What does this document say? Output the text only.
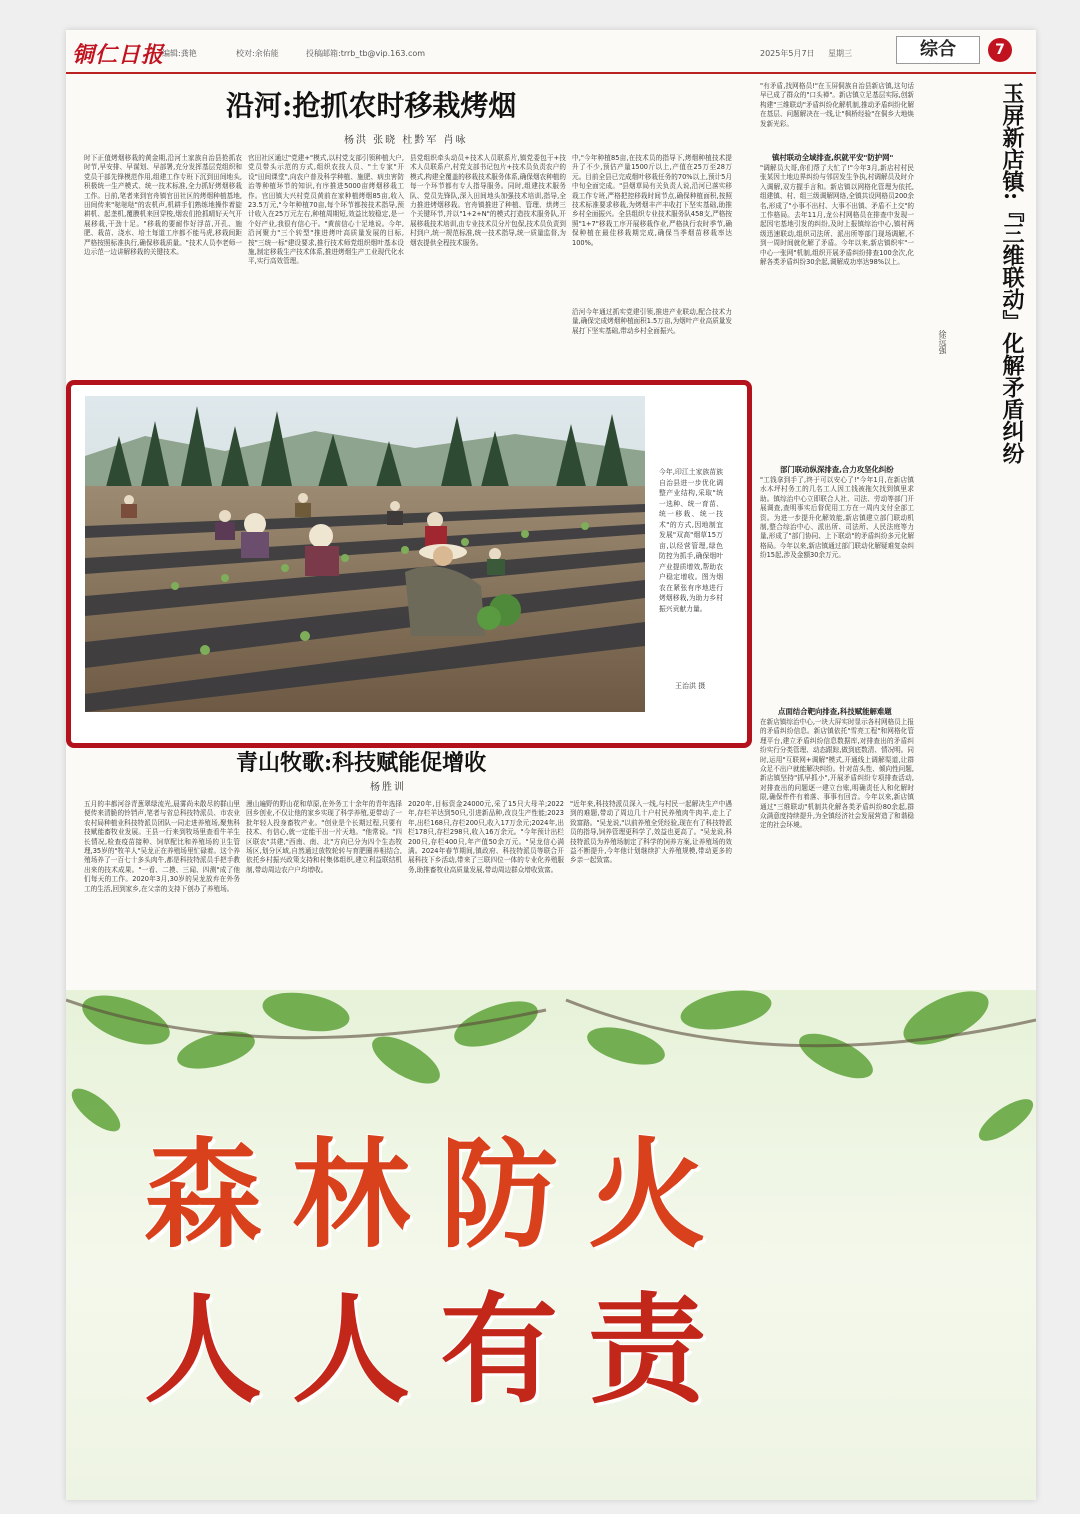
铜仁日报
编辑:龚艳	校对:余佑能	投稿邮箱:trrb_tb@vip.163.com	2025年5月7日 星期三	综合	7
沿河:抢抓农时移栽烤烟
杨洪 张晓 杜黔军 肖咏
时下正值烤烟移栽的黄金期,沿河土家族自治县抢抓农时节,早安排、早谋划、早部署,充分发挥基层党组织和党员干部先锋模范作用,组建工作专班下沉到田间地头,积极统一生产模式、统一技术标准,全力抓好烤烟移栽工作。日前,笔者来到官舟镇官田社区的烤烟种植基地,田间传来"哒哒哒"的农机声,机耕手们熟练地操作着旋耕机、起垄机,覆膜机来回穿梭,烟农们抢抓晴好天气开展移栽,干劲十足。"移栽的要耐作好浮苗,开孔、施肥、栽苗、浇水、培土每道工序都不能马虎,移栽间距严格按照标准执行,确保移栽质量。"技术人员李老师一边示范一边讲解移栽的关键技术。
官田社区通过"党建+"模式,以村党支部引领种植大户,党员带头示范的方式,组织农技人员、"土专家"开设"田间课堂",向农户普及科学种植、施肥、病虫害防治等种植环节的知识,有序推进5000亩烤烟移栽工作。官田镇大兴村党员黄前在家种植烤烟85亩,收入23.5万元,"今年种植70亩,每个环节都按技术指导,预计收入在25万元左右,种植周期短,效益比较稳定,是一个好产业,我很有信心干。"黄前信心十足地说。今年,沿河聚力"三个转型"推进烤叶高质量发展的目标,按"三统一标"建设要求,推行技术师党组织烟叶基本设施,制定移栽生产技术体系,推进烤烟生产工业现代化水平,实行高效管理。
县党组织牵头动员+技术人员联系片,镇党委包干+技术人员联系户,村党支部书记包片+技术员负责农户的模式,构建全覆盖的移栽技术服务体系,确保烟农种植的每一个环节都有专人指导服务。同时,组建技术服务队、党员先锋队,深入田间地头加强技术培训,指导,全力推进烤烟移栽。官舟镇推进了种植、管理、烘烤三个关键环节,并以"1+2+N"的模式打造技术服务队,开展移栽技术培训,由专业技术员分片包保,技术员负责到村到户,统一规范标准,统一技术指导,统一质量监督,为烟农提供全程技术服务。
中,"今年种植85亩,在技术员的指导下,烤烟种植技术提升了不少,预估产量1500斤以上,产值在25万至28万元。目前全县已完成烟叶移栽任务的70%以上,预计5月中旬全面完成。"县烟草局有关负责人说,沿河已落实移栽工作专班,严格把控移栽时间节点,确保种植面积,按照技术标准要求移栽,为烤烟丰产丰收打下坚实基础,助推乡村全面振兴。全县组织专业技术服务队458支,严格按照"1+7"移栽工序开展移栽作业,严格执行农时季节,确保种植在最佳移栽期完成,确保当季烟苗移栽率达100%。
沿河今年通过抓实党建引领,推进产业联动,配合技术力量,确保完成烤烟种植面积1.5万亩,为烟叶产业高质量发展打下坚实基础,带动乡村全面振兴。
"有矛盾,找网格员!"在玉屏侗族自治县新店镇,这句话早已成了群众的"口头禅"。新店镇立足基层实际,创新构建"三维联动"矛盾纠纷化解机制,推动矛盾纠纷化解在基层、问题解决在一线,让"枫桥经验"在侗乡大地焕发新光彩。
镇村联动全域排查,织就平安"防护网"
"调解员大哥,你们帮了大忙了!"今年3月,新店村村民张某因土地边界纠纷与邻居发生争执,村调解员及时介入调解,双方握手言和。新店镇以网格化管理为依托,组建镇、村、组三级调解网络,全镇共设网格员200余名,形成了"小事不出村、大事不出镇、矛盾不上交"的工作格局。去年11月,龙公村网格员在排查中发现一起因宅基地引发的纠纷,及时上报镇综治中心,镇村两级迅速联动,组织司法所、派出所等部门现场调解,不到一周时间就化解了矛盾。今年以来,新店镇织牢"一中心一张网"机制,组织开展矛盾纠纷排查100余次,化解各类矛盾纠纷30余起,调解成功率达98%以上。
部门联动纵深排查,合力攻坚化纠纷
"工钱拿到手了,终于可以安心了!"今年1月,在新店镇水木坪村务工的几名工人因工钱被拖欠找到镇里求助。镇综治中心立即联合人社、司法、劳动等部门开展调查,查明事实后督促用工方在一周内支付全部工资。为进一步提升化解效能,新店镇建立部门联动机制,整合综治中心、派出所、司法所、人民法庭等力量,形成了"部门协同、上下联动"的矛盾纠纷多元化解格局。今年以来,新店镇通过部门联动化解疑难复杂纠纷15起,涉及金额30余万元。
点面结合靶向排查,科技赋能解难题
在新店镇综治中心,一块大屏实时显示各村网格员上报的矛盾纠纷信息。新店镇依托"雪亮工程"和网格化管理平台,建立矛盾纠纷信息数据库,对排查出的矛盾纠纷实行分类管理、动态跟踪,做到底数清、情况明。同时,运用"互联网+调解"模式,开通线上调解渠道,让群众足不出户就能解决纠纷。针对苗头性、倾向性问题,新店镇坚持"抓早抓小",开展矛盾纠纷专项排查活动,对排查出的问题逐一建立台账,明确责任人和化解时限,确保件件有着落、事事有回音。今年以来,新店镇通过"三维联动"机制共化解各类矛盾纠纷80余起,群众满意度持续提升,为全镇经济社会发展营造了和谐稳定的社会环境。
玉屏新店镇:『三维联动』化解矛盾纠纷
徐远强
今年,印江土家族苗族自治县进一步优化调整产业结构,采取"统一选种、统一育苗、统一移栽、统一技术"的方式,因地制宜发展"双高"烟草15万亩,以经营管理,绿色防控为抓手,确保烟叶产业提质增效,帮助农户稳定增收。图为烟农在紧张有序地进行烤烟移栽,为助力乡村振兴贡献力量。
王治洪 摄
青山牧歌:科技赋能促增收
杨胜训
五月的丰都河谷青葱翠绿流光,晨雾尚未散尽的群山里便传来清脆的铃铛声,笔者与省总科技特派员、市农业农村局种植业科技特派员团队一同走进养殖场,聚焦科技赋能畜牧业发展。王县一行来到牧场里查看牛羊生长情况,检查疫苗接种、饲草配比和养殖场的卫生管理,35岁的"牧羊人"吴龙正在养殖场里忙碌着。这个养殖场养了一百七十多头肉牛,都是科技特派员手把手教出来的技术成果。"一看、二摸、三闻、四测"成了他们每天的工作。2020年3月,30岁的吴龙放弃在外务工的生活,回到家乡,在父亲的支持下创办了养殖场。
漫山遍野的野山花和草原,在外务工十余年的青年选择回乡创业,不仅让他的家乡实现了科学养殖,更带动了一批年轻人投身畜牧产业。"创业是个长期过程,只要有技术、有信心,就一定能干出一片天地。"他常说。"四区联农"共建,"西南、南、北"方向已分为四个生态牧场区,划分区域,自然通过放牧轮转与育肥圈养相结合,依托乡村振兴政策支持和村集体组织,建立利益联结机制,带动周边农户户均增收。
2020年,目标资金24000元,采了15只大母羊;2022年,存栏羊达到50只,引进新品种,改良生产性能;2023年,出栏168只,存栏200只,收入17万余元;2024年,出栏178只,存栏298只,收入16万余元。"今年预计出栏200只,存栏400只,年产值50余万元。"吴龙信心满满。2024年春节期间,镇政府、科技特派员等联合开展科技下乡活动,带来了三联四位一体的专业化养殖服务,助推畜牧业高质量发展,带动周边群众增收致富。
"近年来,科技特派员深入一线,与村民一起解决生产中遇到的难题,带动了周边几十户村民养殖肉牛肉羊,走上了致富路。"吴龙说,"以前养殖全凭经验,现在有了科技特派员的指导,饲养管理更科学了,效益也更高了。"吴龙说,科技特派员为养殖场制定了科学的饲养方案,让养殖场的效益不断提升,今年他计划继续扩大养殖规模,带动更多的乡亲一起致富。
森林防火
人人有责
